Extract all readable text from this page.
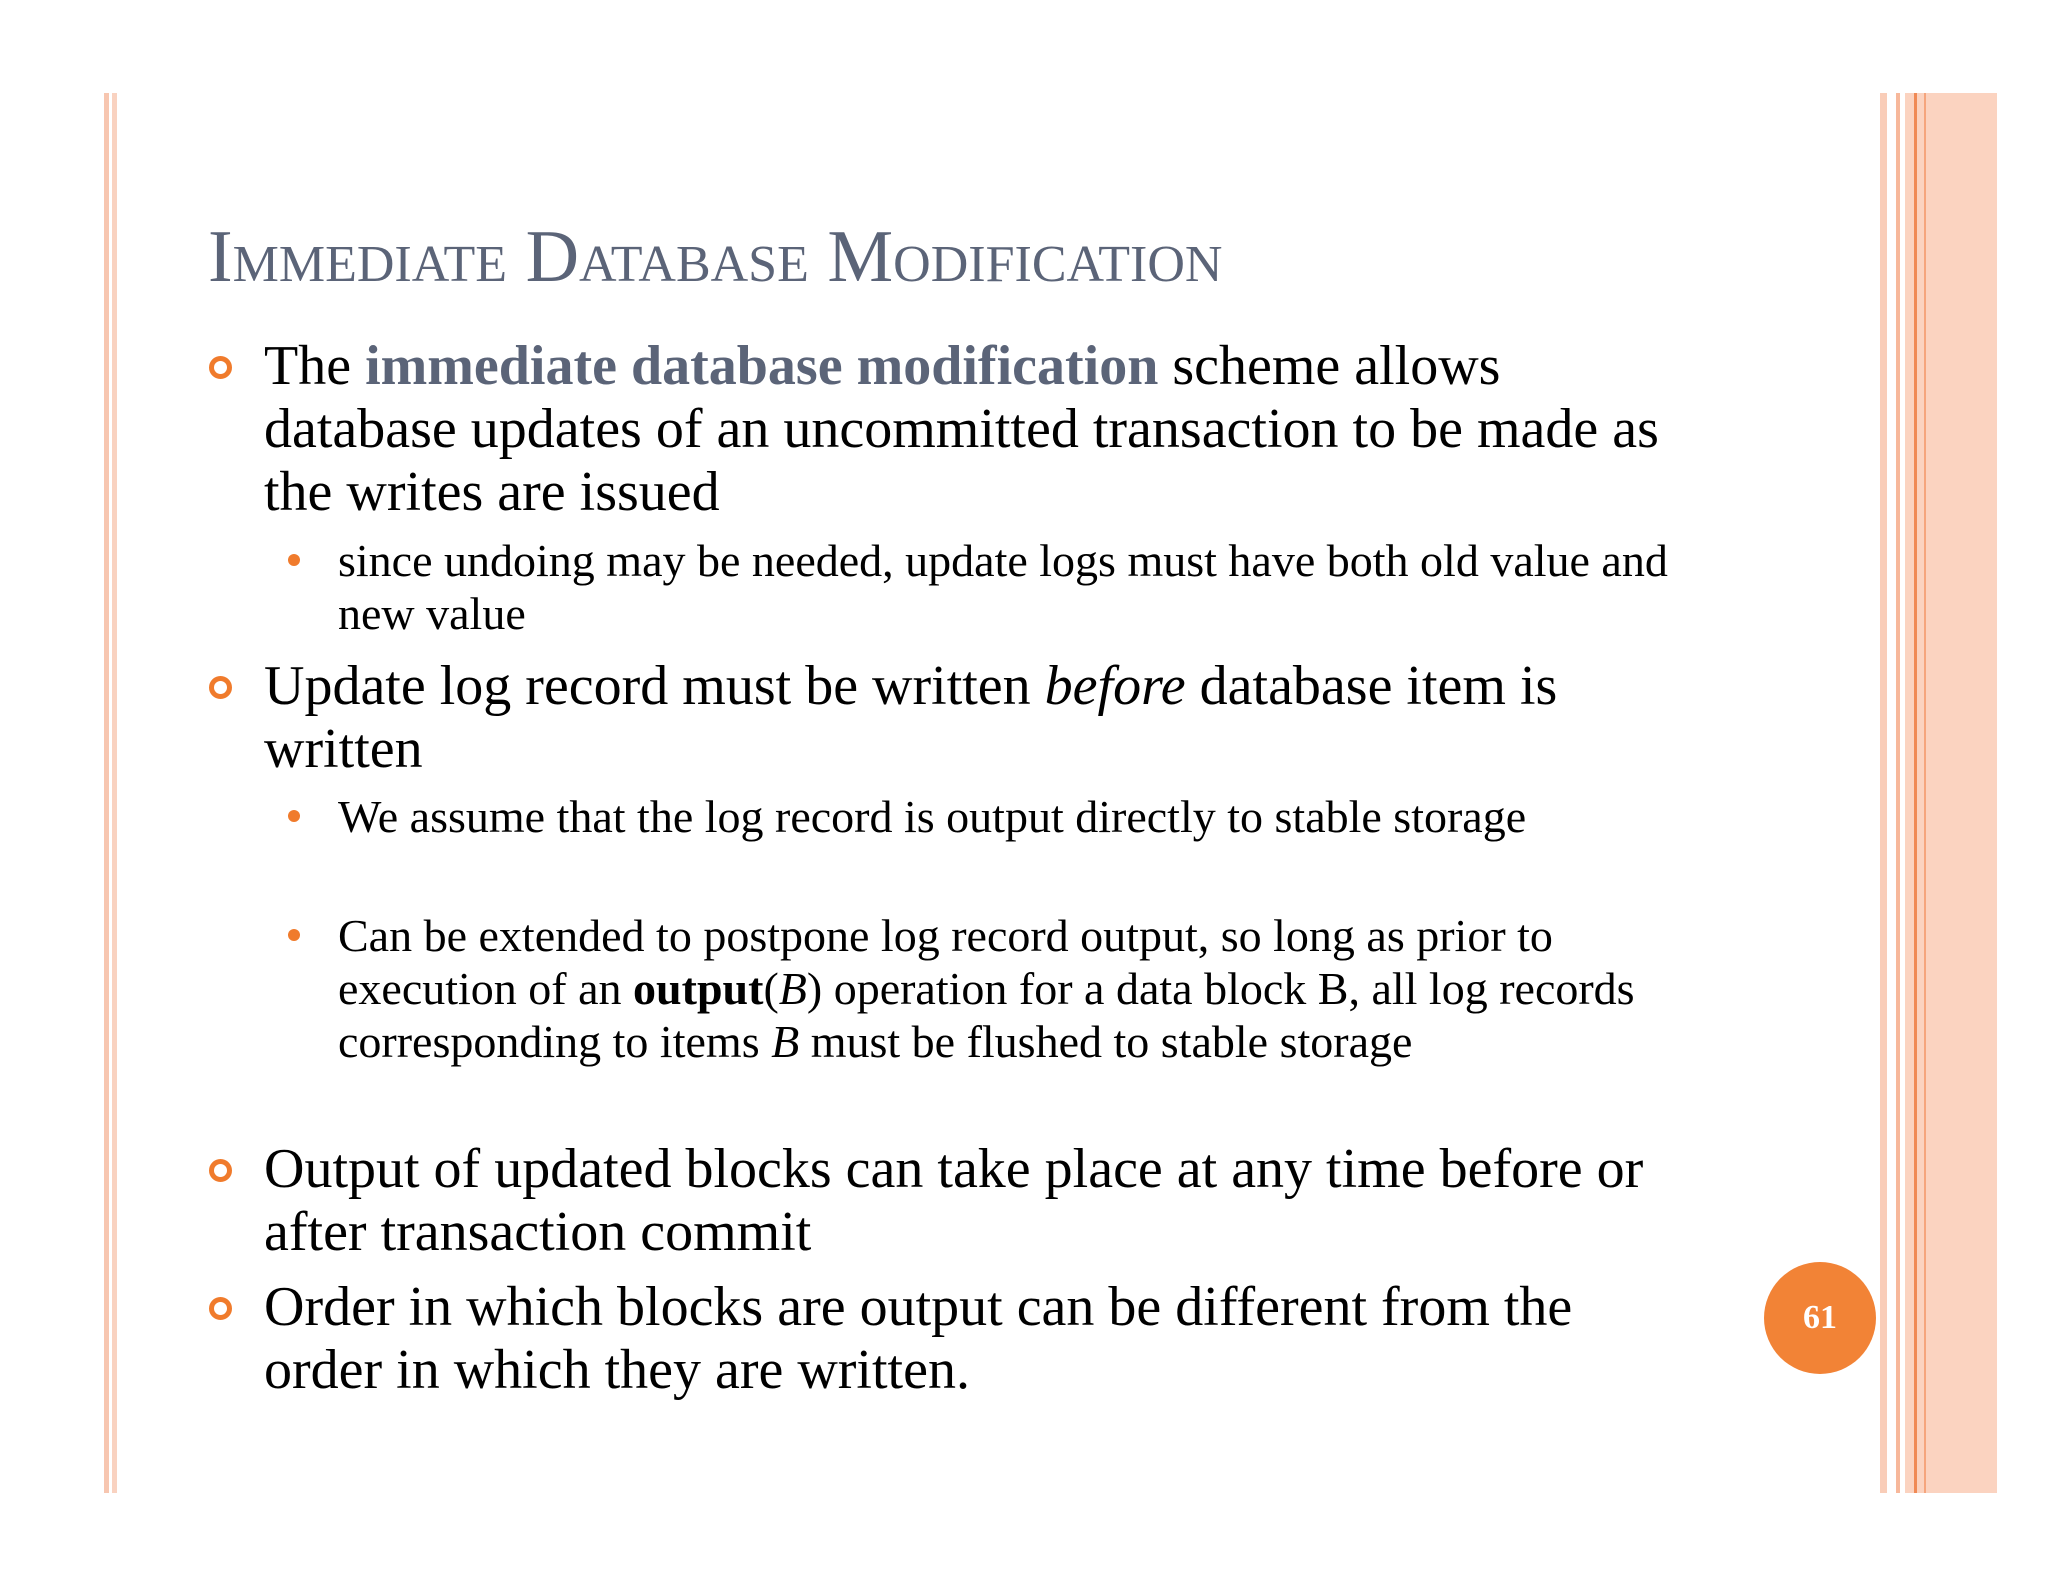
Immediate Database Modification
The immediate database modification scheme allows database updates of an uncommitted transaction to be made as the writes are issued
since undoing may be needed, update logs must have both old value and new value
Update log record must be written before database item is written
We assume that the log record is output directly to stable storage
Can be extended to postpone log record output, so long as prior to execution of an output(B) operation for a data block B, all log records corresponding to items B must be flushed to stable storage
Output of updated blocks can take place at any time before or after transaction commit
Order in which blocks are output can be different from the order in which they are written.
61
